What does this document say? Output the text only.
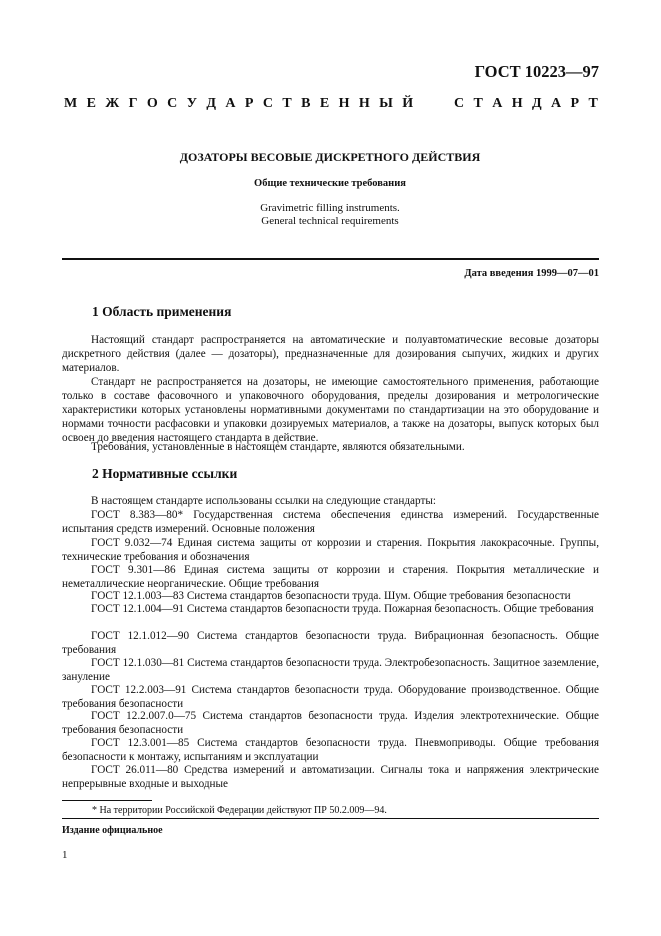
ГОСТ 10223—97
М Е Ж Г О С У Д А Р С Т В Е Н Н Ы Й	С Т А Н Д А Р Т
ДОЗАТОРЫ ВЕСОВЫЕ ДИСКРЕТНОГО ДЕЙСТВИЯ
Общие технические требования
Gravimetric filling instruments.
General technical requirements
Дата введения 1999—07—01
1 Область применения

Настоящий стандарт распространяется на автоматические и полуавтоматические весовые дозаторы дискретного действия (далее — дозаторы), предназначенные для дозирования сыпучих, жидких и других материалов.

Стандарт не распространяется на дозаторы, не имеющие самостоятельного применения, работающие только в составе фасовочного и упаковочного оборудования, пределы дозирования и метрологические характеристики которых установлены нормативными документами по стандартизации на это оборудование и нормами точности расфасовки и упаковки дозируемых материалов, а также на дозаторы, выпуск которых был освоен до введения настоящего стандарта в действие.

Требования, установленные в настоящем стандарте, являются обязательными.

2 Нормативные ссылки

В настоящем стандарте использованы ссылки на следующие стандарты:

ГОСТ 8.383—80* Государственная система обеспечения единства измерений. Государственные испытания средств измерений. Основные положения

ГОСТ 9.032—74 Единая система защиты от коррозии и старения. Покрытия лакокрасочные. Группы, технические требования и обозначения

ГОСТ 9.301—86 Единая система защиты от коррозии и старения. Покрытия металлические и неметаллические неорганические. Общие требования

ГОСТ 12.1.003—83 Система стандартов безопасности труда. Шум. Общие требования безопасности

ГОСТ 12.1.004—91 Система стандартов безопасности труда. Пожарная безопасность. Общие требования

ГОСТ 12.1.012—90 Система стандартов безопасности труда. Вибрационная безопасность. Общие требования

ГОСТ 12.1.030—81 Система стандартов безопасности труда. Электробезопасность. Защитное заземление, зануление

ГОСТ 12.2.003—91 Система стандартов безопасности труда. Оборудование производственное. Общие требования безопасности

ГОСТ 12.2.007.0—75 Система стандартов безопасности труда. Изделия электротехнические. Общие требования безопасности

ГОСТ 12.3.001—85 Система стандартов безопасности труда. Пневмоприводы. Общие требования безопасности к монтажу, испытаниям и эксплуатации

ГОСТ 26.011—80 Средства измерений и автоматизации. Сигналы тока и напряжения электрические непрерывные входные и выходные

* На территории Российской Федерации действуют ПР 50.2.009—94.
Издание официальное
1
